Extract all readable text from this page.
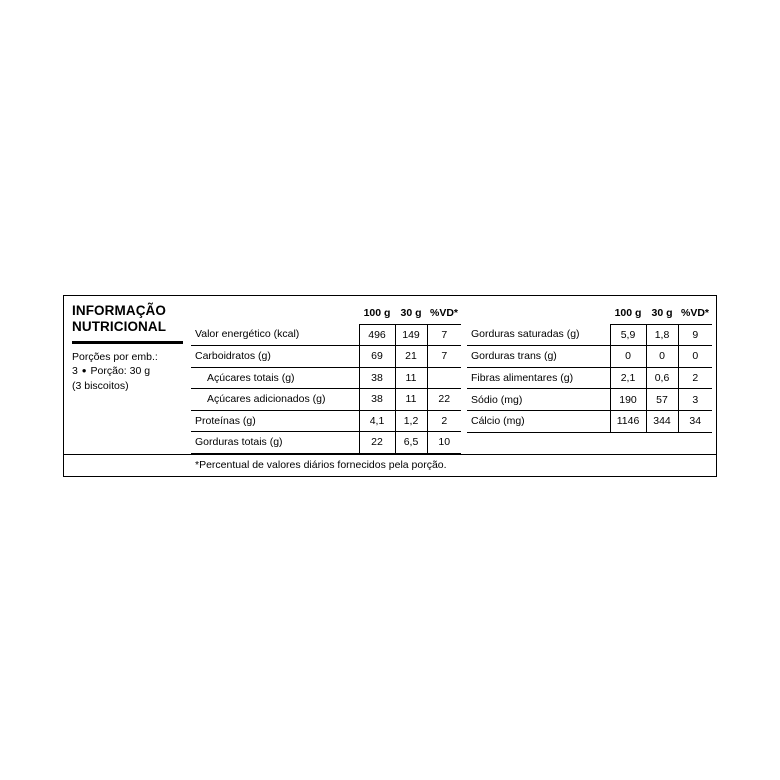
INFORMAÇÃO
NUTRICIONAL
Porções por emb.:
3 ● Porção: 30 g
(3 biscoitos)
	100 g	30 g	%VD*
Valor energético (kcal)	496	149	7
Carboidratos (g)	69	21	7
Açúcares totais (g)	38	11	
Açúcares adicionados (g)	38	11	22
Proteínas (g)	4,1	1,2	2
Gorduras totais (g)	22	6,5	10
	100 g	30 g	%VD*
Gorduras saturadas (g)	5,9	1,8	9
Gorduras trans (g)	0	0	0
Fibras alimentares (g)	2,1	0,6	2
Sódio (mg)	190	57	3
Cálcio (mg)	1146	344	34

*Percentual de valores diários fornecidos pela porção.
